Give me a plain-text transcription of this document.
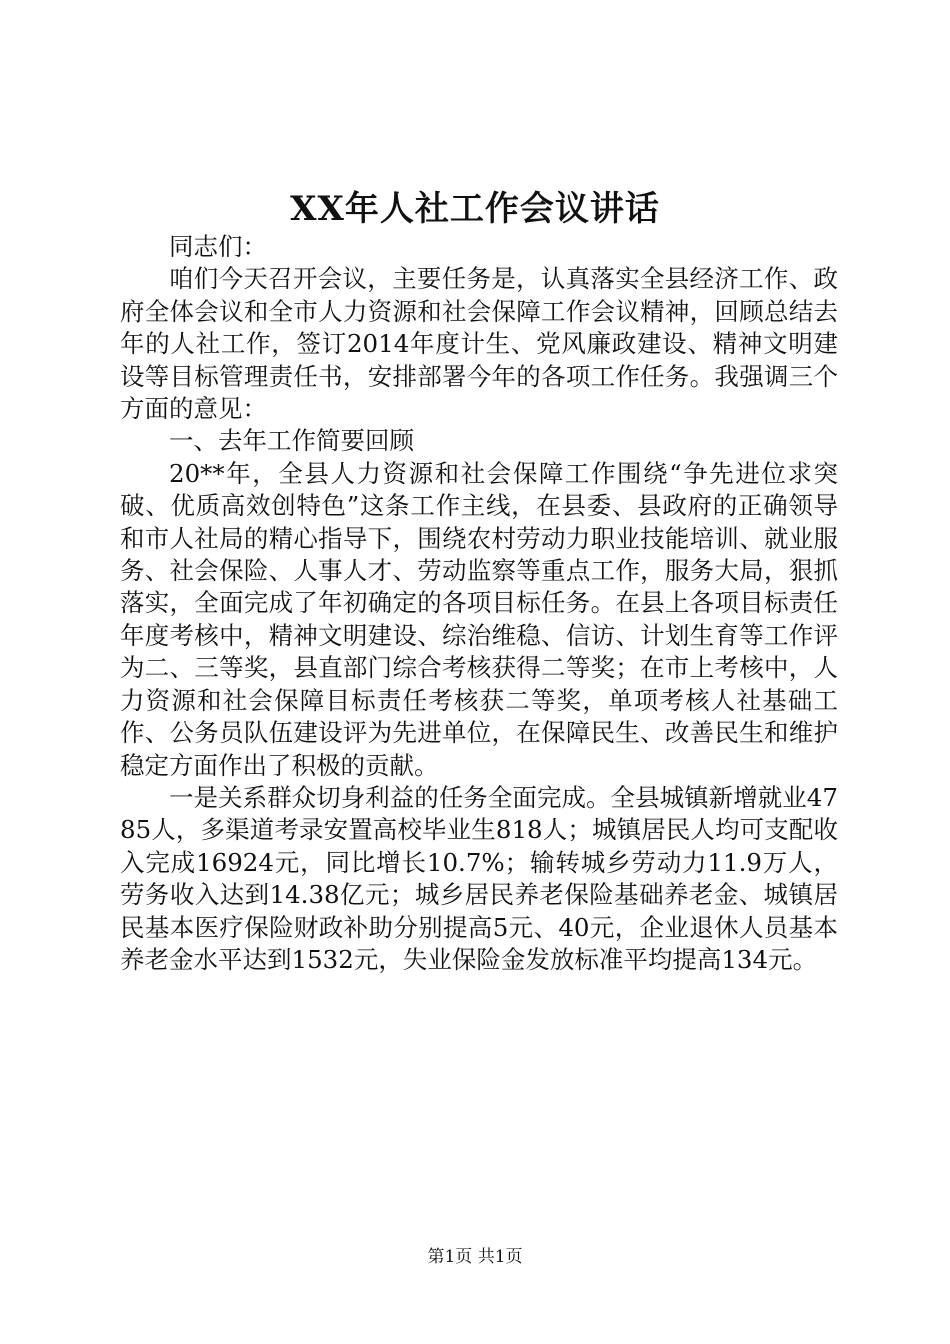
XX年人社工作会议讲话

同志们：

咱们今天召开会议，主要任务是，认真落实全县经济工作、政府全体会议和全市人力资源和社会保障工作会议精神，回顾总结去年的人社工作，签订2014年度计生、党风廉政建设、精神文明建设等目标管理责任书，安排部署今年的各项工作任务。我强调三个方面的意见：

一、去年工作简要回顾

20**年，全县人力资源和社会保障工作围绕“争先进位求突破、优质高效创特色”这条工作主线，在县委、县政府的正确领导和市人社局的精心指导下，围绕农村劳动力职业技能培训、就业服务、社会保险、人事人才、劳动监察等重点工作，服务大局，狠抓落实，全面完成了年初确定的各项目标任务。在县上各项目标责任年度考核中，精神文明建设、综治维稳、信访、计划生育等工作评为二、三等奖，县直部门综合考核获得二等奖；在市上考核中，人力资源和社会保障目标责任考核获二等奖，单项考核人社基础工作、公务员队伍建设评为先进单位，在保障民生、改善民生和维护稳定方面作出了积极的贡献。

一是关系群众切身利益的任务全面完成。全县城镇新增就业4785人，多渠道考录安置高校毕业生818人；城镇居民人均可支配收入完成16924元，同比增长10.7%；输转城乡劳动力11.9万人，劳务收入达到14.38亿元；城乡居民养老保险基础养老金、城镇居民基本医疗保险财政补助分别提高5元、40元，企业退休人员基本养老金水平达到1532元，失业保险金发放标准平均提高134元。

第1页 共1页
